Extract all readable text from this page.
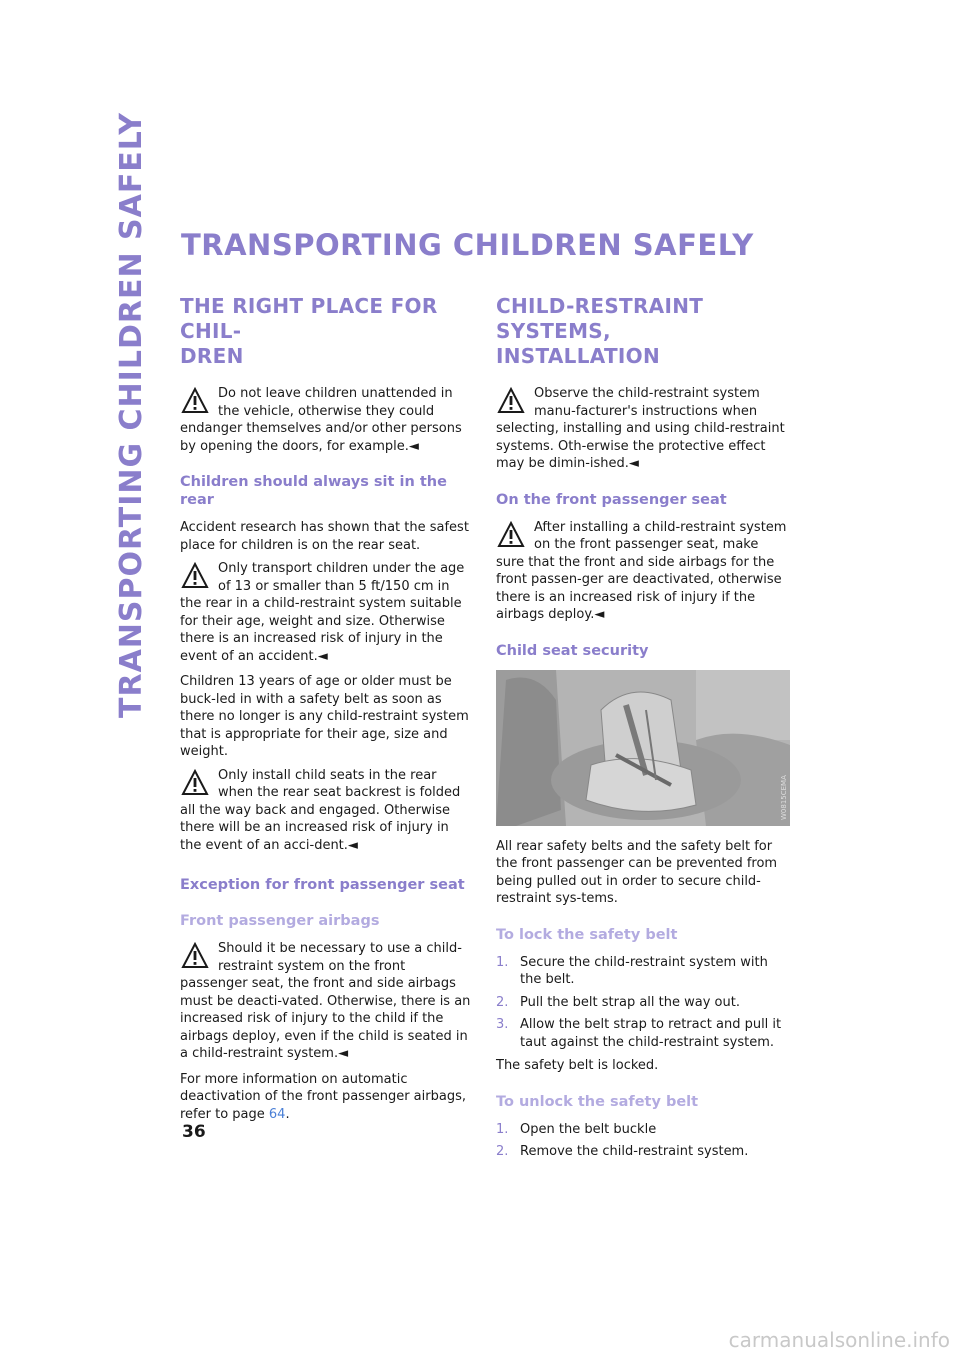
TRANSPORTING CHILDREN SAFELY TRANSPORTING CHILDREN SAFELY
THE RIGHT PLACE FOR CHIL-
DREN
Do not leave children unattended in the vehicle, otherwise they could endanger themselves and/or other persons by opening the doors, for example.◄
Children should always sit in the rear

Accident research has shown that the safest place for children is on the rear seat.

Only transport children under the age of 13 or smaller than 5 ft/150 cm in the rear in a child-restraint system suitable for their age, weight and size. Otherwise there is an increased risk of injury in the event of an accident.◄

Children 13 years of age or older must be buck-led in with a safety belt as soon as there no longer is any child-restraint system that is appropriate for their age, size and weight.

Only install child seats in the rear when the rear seat backrest is folded all the way back and engaged. Otherwise there will be an increased risk of injury in the event of an acci-dent.◄
Exception for front passenger seat
Front passenger airbags
Should it be necessary to use a child-restraint system on the front passenger seat, the front and side airbags must be deacti-vated. Otherwise, there is an increased risk of injury to the child if the airbags deploy, even if the child is seated in a child-restraint system.◄

For more information on automatic deactivation of the front passenger airbags, refer to page 64.

CHILD-RESTRAINT SYSTEMS,
INSTALLATION
Observe the child-restraint system manu-facturer's instructions when selecting, installing and using child-restraint systems. Oth-erwise the protective effect may be dimin-ished.◄
On the front passenger seat
After installing a child-restraint system on the front passenger seat, make sure that the front and side airbags for the front passen-ger are deactivated, otherwise there is an increased risk of injury if the airbags deploy.◄
Child seat security
W0815CEMA

All rear safety belts and the safety belt for the front passenger can be prevented from being pulled out in order to secure child-restraint sys-tems.

To lock the safety belt
1. Secure the child-restraint system with the belt.
2. Pull the belt strap all the way out.
3. Allow the belt strap to retract and pull it taut against the child-restraint system.

The safety belt is locked.

To unlock the safety belt
1. Open the belt buckle
2. Remove the child-restraint system.
36
carmanualsonline.info
